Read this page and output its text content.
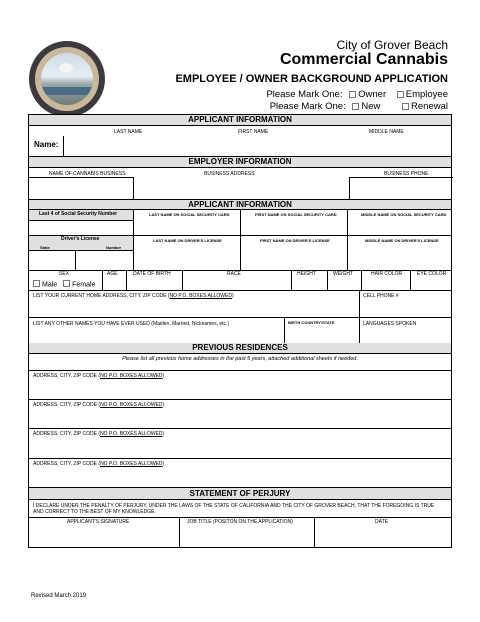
City of Grover Beach
Commercial Cannabis
EMPLOYEE / OWNER BACKGROUND APPLICATION
Please Mark One: Owner Employee
Please Mark One: New	Renewal
APPLICANT INFORMATION
LAST NAME	FIRST NAME	MIDDLE NAME
Name:
EMPLOYER INFORMATION
NAME OF CANNABIS BUSINESS	BUSINESS ADDRESS	BUSINESS PHONE
APPLICANT INFORMATION
Last 4 of Social Security Number	LAST NAME ON SOCIAL SECURITY CARD	FIRST NAME ON SOCIAL SECURITY CARD	MIDDLE NAME ON SOCIAL SECURITY CARD
Driver's License
State	Number
LAST NAME ON DRIVER'S LICENSE	FIRST NAME ON DRIVER'S LICENSE	MIDDLE NAME ON DRIVER'S LICENSE
SEX
Male Female
AGE	DATE OF BIRTH	RACE	HEIGHT	WEIGHT	HAIR COLOR	EYE COLOR
LIST YOUR CURRENT HOME ADDRESS, CITY, ZIP CODE (NO P.O. BOXES ALLOWED)	CELL PHONE #
LIST ANY OTHER NAMES YOU HAVE EVER USED (Maiden, Married, Nicknames, etc.)	BIRTH COUNTRY/STATE	LANGUAGES SPOKEN
PREVIOUS RESIDENCES
Please list all previous home addresses in the past 5 years, attached additional sheets if needed.
ADDRESS, CITY, ZIP CODE (NO P.O. BOXES ALLOWED)
ADDRESS, CITY, ZIP CODE (NO P.O. BOXES ALLOWED)
ADDRESS, CITY, ZIP CODE (NO P.O. BOXES ALLOWED)
ADDRESS, CITY, ZIP CODE (NO P.O. BOXES ALLOWED)
STATEMENT OF PERJURY
I DECLARE UNDER THE PENALTY OF PERJURY, UNDER THE LAWS OF THE STATE OF CALIFORNIA AND THE CITY OF GROVER BEACH, THAT THE FOREGOING IS TRUE
AND CORRECT TO THE BEST OF MY KNOWLEDGE.
APPLICANT'S SIGNATURE	JOB TITLE (POSITON ON THE APPLICATION)	DATE
Revised March 2019
